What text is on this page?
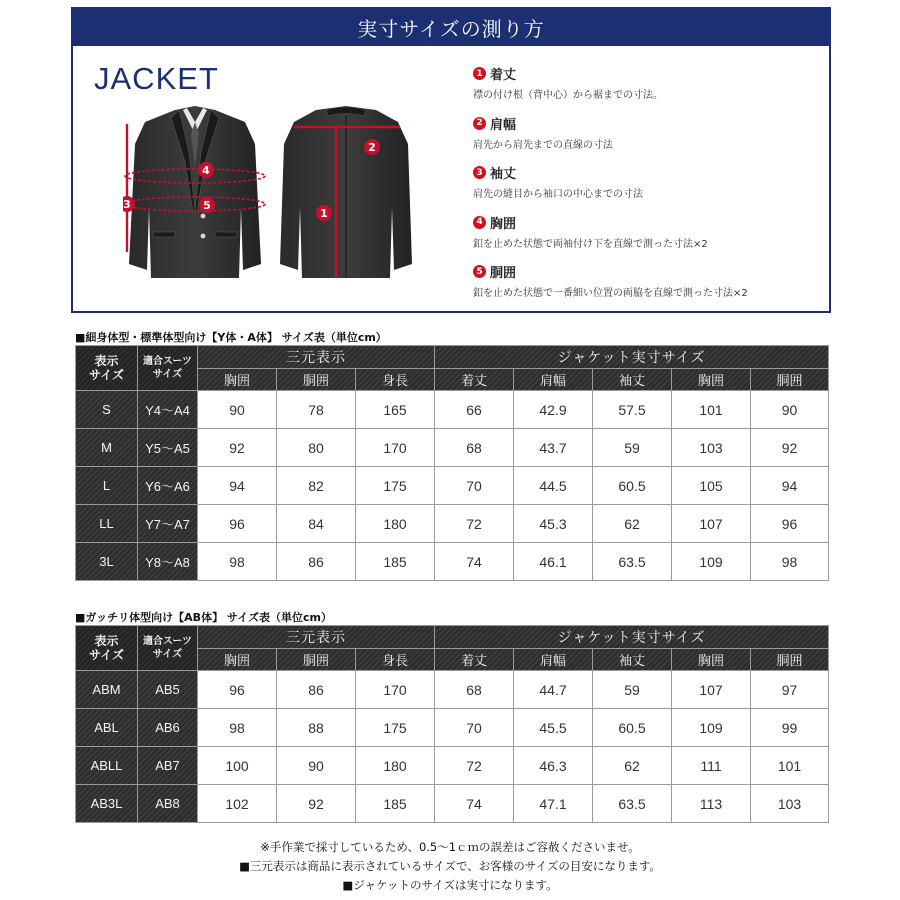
実寸サイズの測り方
JACKET
3
4
5
2
1
1 着丈
襟の付け根（背中心）から裾までの寸法。
2 肩幅
肩先から肩先までの直線の寸法
3 袖丈
肩先の縫目から袖口の中心までの寸法
4 胸囲
釦を止めた状態で両袖付け下を直線で測った寸法×2
5 胴囲
釦を止めた状態で一番細い位置の両脇を直線で測った寸法×2
■細身体型・標準体型向け【Y体・A体】 サイズ表（単位cm）
表示
サイズ	適合スーツ
サイズ	三元表示			ジャケット実寸サイズ				
		胸囲	胴囲	身長	着丈	肩幅	袖丈	胸囲	胴囲
S	Y4〜A4	90	78	165	66	42.9	57.5	101	90
M	Y5〜A5	92	80	170	68	43.7	59	103	92
L	Y6〜A6	94	82	175	70	44.5	60.5	105	94
LL	Y7〜A7	96	84	180	72	45.3	62	107	96
3L	Y8〜A8	98	86	185	74	46.1	63.5	109	98
■ガッチリ体型向け【AB体】 サイズ表（単位cm）
表示
サイズ	適合スーツ
サイズ	三元表示			ジャケット実寸サイズ				
		胸囲	胴囲	身長	着丈	肩幅	袖丈	胸囲	胴囲
ABM	AB5	96	86	170	68	44.7	59	107	97
ABL	AB6	98	88	175	70	45.5	60.5	109	99
ABLL	AB7	100	90	180	72	46.3	62	111	101
AB3L	AB8	102	92	185	74	47.1	63.5	113	103
※手作業で採寸しているため、0.5〜1ｃｍの誤差はご容赦くださいませ。
■三元表示は商品に表示されているサイズで、お客様のサイズの目安になります。
■ジャケットのサイズは実寸になります。
